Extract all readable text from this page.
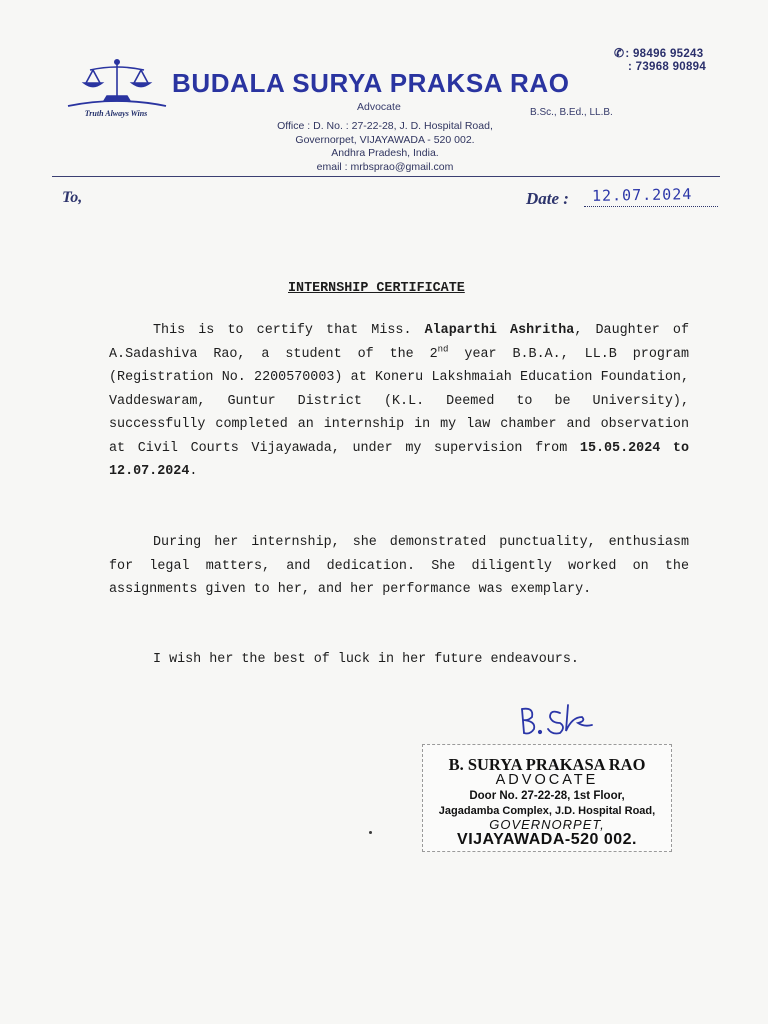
Truth Always Wins
✆: 98496 95243
: 73968 90894
BUDALA SURYA PRAKSA RAO
Advocate	B.Sc., B.Ed., LL.B.
Office : D. No. : 27-22-28, J. D. Hospital Road,
Governorpet, VIJAYAWADA - 520 002.
Andhra Pradesh, India.
email : mrbsprao@gmail.com
To,	Date : 12.07.2024
INTERNSHIP CERTIFICATE
This is to certify that Miss. Alaparthi Ashritha, Daughter of A.Sadashiva Rao, a student of the 2nd year B.B.A., LL.B program (Registration No. 2200570003) at Koneru Lakshmaiah Education Foundation, Vaddeswaram, Guntur District (K.L. Deemed to be University), successfully completed an internship in my law chamber and observation at Civil Courts Vijayawada, under my supervision from 15.05.2024 to 12.07.2024.
During her internship, she demonstrated punctuality, enthusiasm for legal matters, and dedication. She diligently worked on the assignments given to her, and her performance was exemplary.
I wish her the best of luck in her future endeavours.
B. SURYA PRAKASA RAO
ADVOCATE
Door No. 27-22-28, 1st Floor,
Jagadamba Complex, J.D. Hospital Road,
GOVERNORPET,
VIJAYAWADA-520 002.
